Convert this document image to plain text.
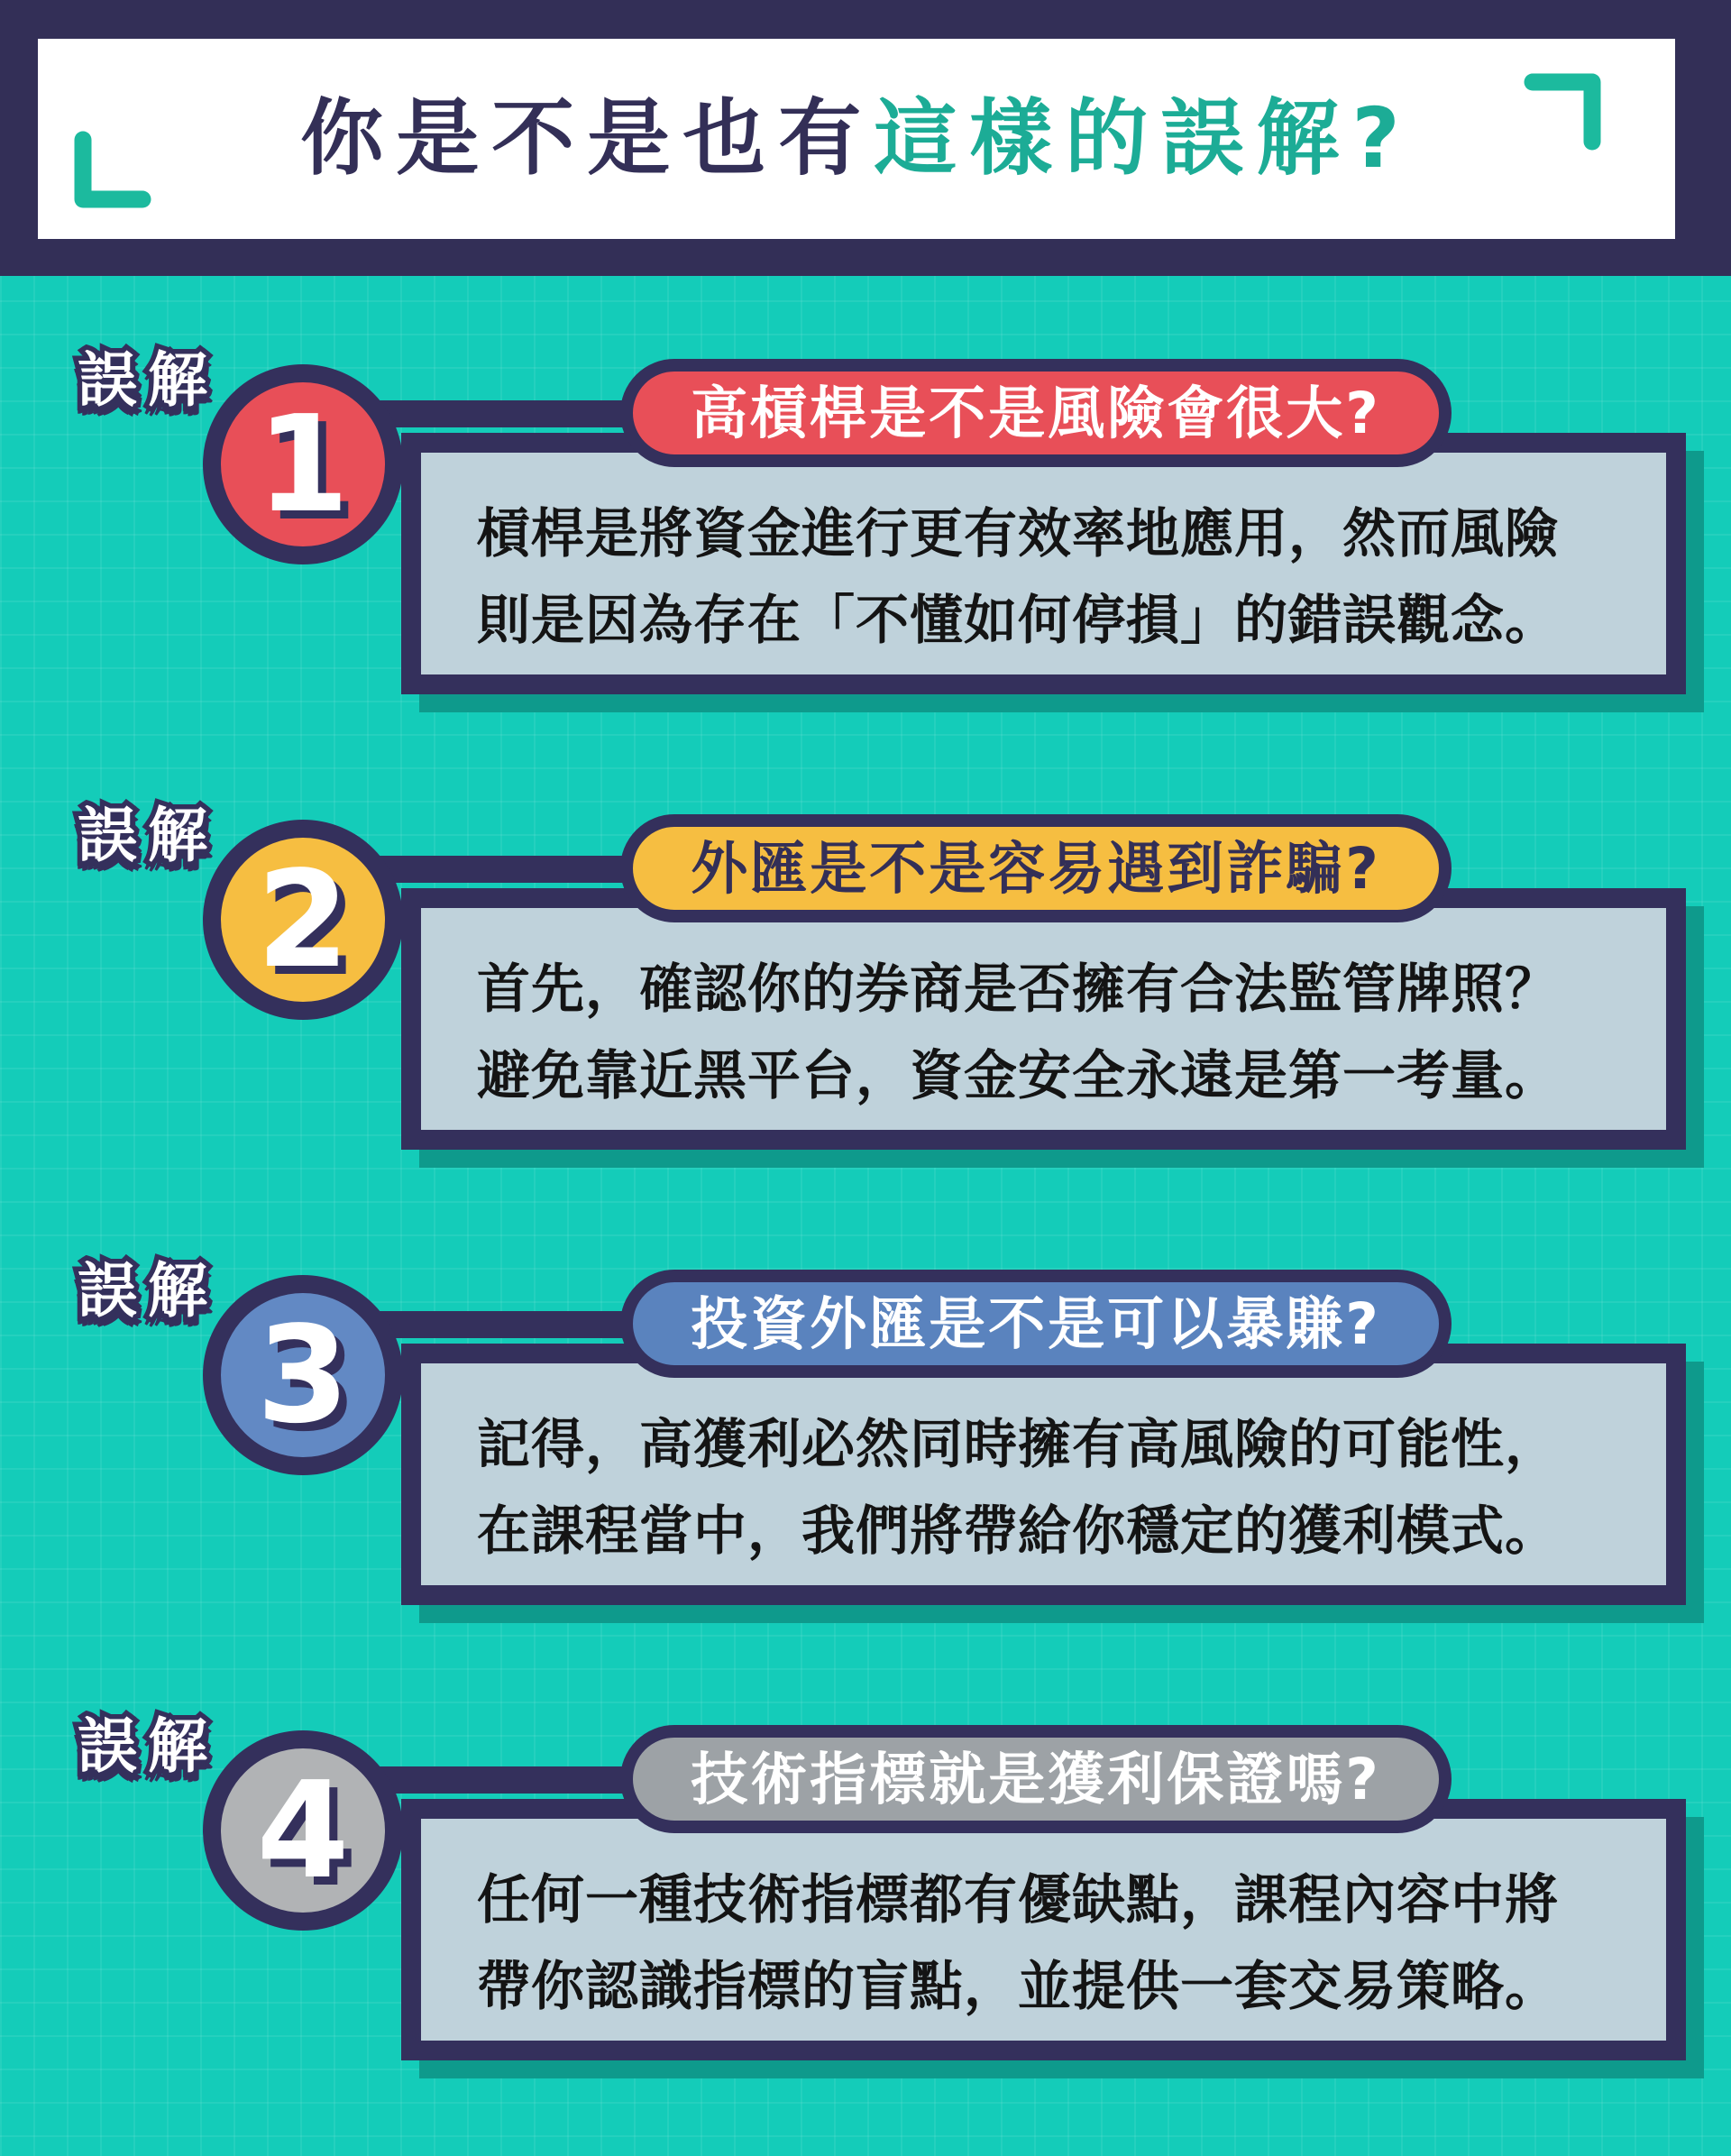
你是不是也有這樣的誤解?
誤解
1	高槓桿是不是風險會很大?

槓桿是將資金進行更有效率地應用，然而風險

則是因為存在「不懂如何停損」的錯誤觀念。

誤解
2	外匯是不是容易遇到詐騙?

首先，確認你的券商是否擁有合法監管牌照？

避免靠近黑平台，資金安全永遠是第一考量。

誤解
3	投資外匯是不是可以暴賺?

記得，高獲利必然同時擁有高風險的可能性，

在課程當中，我們將帶給你穩定的獲利模式。

誤解
4	技術指標就是獲利保證嗎?

任何一種技術指標都有優缺點，課程內容中將

帶你認識指標的盲點，並提供一套交易策略。
